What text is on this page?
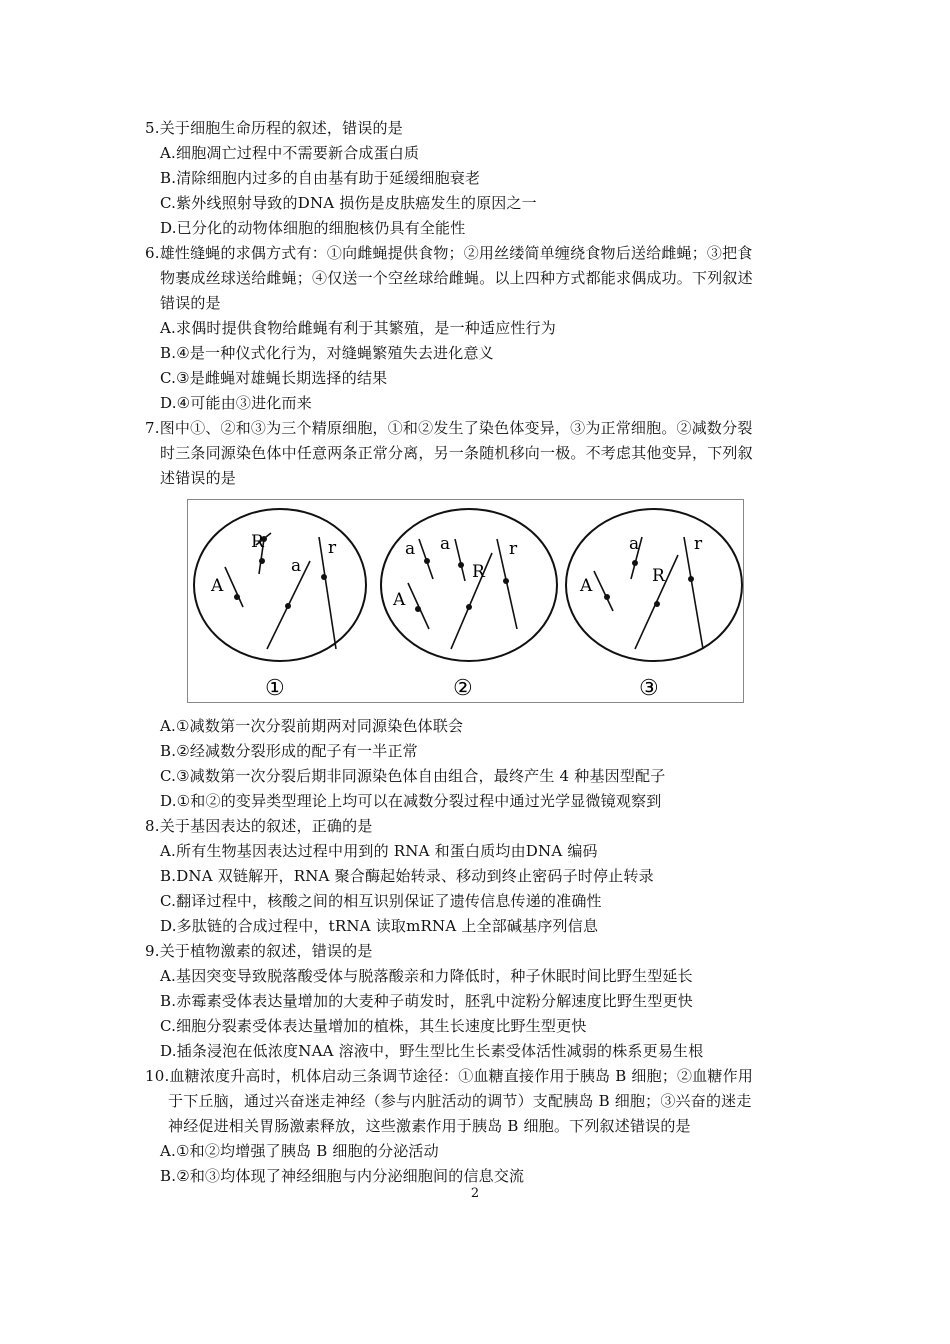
5.关于细胞生命历程的叙述，错误的是
A.细胞凋亡过程中不需要新合成蛋白质
B.清除细胞内过多的自由基有助于延缓细胞衰老
C.紫外线照射导致的DNA 损伤是皮肤癌发生的原因之一
D.已分化的动物体细胞的细胞核仍具有全能性
6.雄性缝蝇的求偶方式有：①向雌蝇提供食物；②用丝缕简单缠绕食物后送给雌蝇；③把食
物裹成丝球送给雌蝇；④仅送一个空丝球给雌蝇。以上四种方式都能求偶成功。下列叙述
错误的是
A.求偶时提供食物给雌蝇有利于其繁殖，是一种适应性行为
B.④是一种仪式化行为，对缝蝇繁殖失去进化意义
C.③是雌蝇对雄蝇长期选择的结果
D.④可能由③进化而来
7.图中①、②和③为三个精原细胞，①和②发生了染色体变异，③为正常细胞。②减数分裂
时三条同源染色体中任意两条正常分离，另一条随机移向一极。不考虑其他变异，下列叙
述错误的是
R
A
a
r
①
a a
A
R
r
②
a
A	R
r
③
A.①减数第一次分裂前期两对同源染色体联会
B.②经减数分裂形成的配子有一半正常
C.③减数第一次分裂后期非同源染色体自由组合，最终产生 4 种基因型配子
D.①和②的变异类型理论上均可以在减数分裂过程中通过光学显微镜观察到
8.关于基因表达的叙述，正确的是
A.所有生物基因表达过程中用到的 RNA 和蛋白质均由DNA 编码
B.DNA 双链解开，RNA 聚合酶起始转录、移动到终止密码子时停止转录
C.翻译过程中，核酸之间的相互识别保证了遗传信息传递的准确性
D.多肽链的合成过程中，tRNA 读取mRNA 上全部碱基序列信息
9.关于植物激素的叙述，错误的是
A.基因突变导致脱落酸受体与脱落酸亲和力降低时，种子休眠时间比野生型延长
B.赤霉素受体表达量增加的大麦种子萌发时，胚乳中淀粉分解速度比野生型更快
C.细胞分裂素受体表达量增加的植株，其生长速度比野生型更快
D.插条浸泡在低浓度NAA 溶液中，野生型比生长素受体活性减弱的株系更易生根
10.血糖浓度升高时，机体启动三条调节途径：①血糖直接作用于胰岛 B 细胞；②血糖作用
于下丘脑，通过兴奋迷走神经（参与内脏活动的调节）支配胰岛 B 细胞；③兴奋的迷走
神经促进相关胃肠激素释放，这些激素作用于胰岛 B 细胞。下列叙述错误的是
A.①和②均增强了胰岛 B 细胞的分泌活动
B.②和③均体现了神经细胞与内分泌细胞间的信息交流
2
